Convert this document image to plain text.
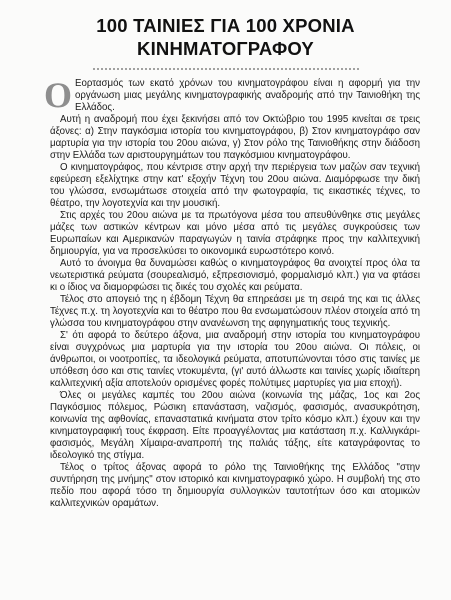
100 ΤΑΙΝΙΕΣ ΓΙΑ 100 ΧΡΟΝΙΑ
ΚΙΝΗΜΑΤΟΓΡΑΦΟΥ

Ο Εορτασμός των εκατό χρόνων του κινηματογράφου είναι η αφορμή για την οργάνωση μιας μεγάλης κινηματογραφικής αναδρομής από την Ταινιοθήκη της Ελλάδος.

Αυτή η αναδρομή που έχει ξεκινήσει από τον Οκτώβριο του 1995 κινείται σε τρεις άξονες: α) Στην παγκόσμια ιστορία του κινηματογράφου, β) Στον κινηματογράφο σαν μαρτυρία για την ιστορία του 20ου αιώνα, γ) Στον ρόλο της Ταινιοθήκης στην διάδοση στην Ελλάδα των αριστουργημάτων του παγκόσμιου κινηματογράφου.

Ο κινηματογράφος, που κέντρισε στην αρχή την περιέργεια των μαζών σαν τεχνική εφεύρεση εξελίχτηκε στην κατ' εξοχήν Τέχνη του 20ου αιώνα. Διαμόρφωσε την δική του γλώσσα, ενσωμάτωσε στοιχεία από την φωτογραφία, τις εικαστικές τέχνες, το θέατρο, την λογοτεχνία και την μουσική.

Στις αρχές του 20ου αιώνα με τα πρωτόγονα μέσα του απευθύνθηκε στις μεγάλες μάζες των αστικών κέντρων και μόνο μέσα από τις μεγάλες συγκρούσεις των Ευρωπαίων και Αμερικανών παραγωγών η ταινία στράφηκε προς την καλλιτεχνική δημιουργία, για να προσελκύσει το οικονομικά ευρωστότερο κοινό.

Αυτό το άνοιγμα θα δυναμώσει καθώς ο κινηματογράφος θα ανοιχτεί προς όλα τα νεωτεριστικά ρεύματα (σουρεαλισμό, εξπρεσιονισμό, φορμαλισμό κλπ.) για να φτάσει κι ο ίδιος να διαμορφώσει τις δικές του σχολές και ρεύματα.

Τέλος στο απογειό της η έβδομη Τέχνη θα επηρεάσει με τη σειρά της και τις άλλες Τέχνες π.χ. τη λογοτεχνία και το θέατρο που θα ενσωματώσουν πλέον στοιχεία από τη γλώσσα του κινηματογράφου στην ανανέωνση της αφηγηματικής τους τεχνικής.

Σ' ότι αφορά το δεύτερο άξονα, μια αναδρομή στην ιστορία του κινηματογράφου είναι συγχρόνως μια μαρτυρία για την ιστορία του 20ου αιώνα. Οι πόλεις, οι άνθρωποι, οι νοοτροπίες, τα ιδεολογικά ρεύματα, αποτυπώνονται τόσο στις ταινίες με υπόθεση όσο και στις ταινίες ντοκυμέντα, (γι' αυτό άλλωστε και ταινίες χωρίς ιδιαίτερη καλλιτεχνική αξία αποτελούν ορισμένες φορές πολύτιμες μαρτυρίες για μια εποχή).

Όλες οι μεγάλες καμπές του 20ου αιώνα (κοινωνία της μάζας, 1ος και 2ος Παγκόσμιος πόλεμος, Ρώσικη επανάσταση, ναζισμός, φασισμός, ανασυκρότηση, κοινωνία της αφθονίας, επαναστατικά κινήματα στον τρίτο κόσμο κλπ.) έχουν και την κινηματογραφική τους έκφραση. Είτε προαγγέλοντας μια κατάσταση π.χ. Καλλιγκάρι-φασισμός, Μεγάλη Χίμαιρα-αναπροπή της παλιάς τάξης, είτε καταγράφοντας το ιδεολογικό της στίγμα.

Τέλος ο τρίτος άξονας αφορά το ρόλο της Ταινιοθήκης της Ελλάδος "στην συντήρηση της μνήμης" στον ιστορικό και κινηματογραφικό χώρο. Η συμβολή της στο πεδίο που αφορά τόσο τη δημιουργία συλλογικών ταυτοτήτων όσο και ατομικών καλλιτεχνικών οραμάτων.
